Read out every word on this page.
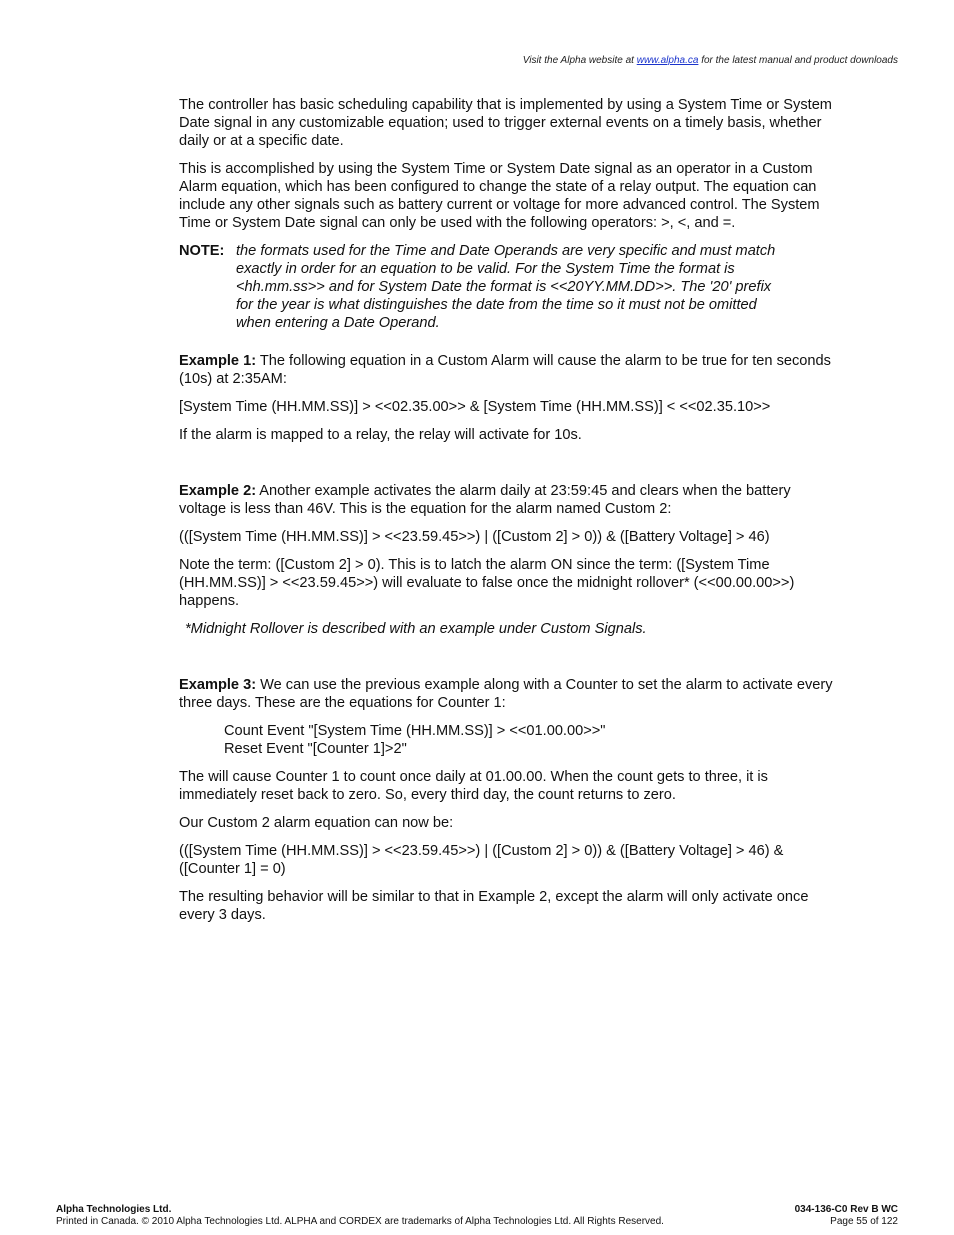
Visit the Alpha website at www.alpha.ca for the latest manual and product downloads

The controller has basic scheduling capability that is implemented by using a System Time or System Date signal in any customizable equation; used to trigger external events on a timely basis, whether daily or at a specific date.

This is accomplished by using the System Time or System Date signal as an operator in a Custom Alarm equation, which has been configured to change the state of a relay output. The equation can include any other signals such as battery current or voltage for more advanced control. The System Time or System Date signal can only be used with the following operators: >, <, and =.

NOTE: the formats used for the Time and Date Operands are very specific and must match exactly in order for an equation to be valid. For the System Time the format is <hh.mm.ss>> and for System Date the format is <<20YY.MM.DD>>. The '20' prefix for the year is what distinguishes the date from the time so it must not be omitted when entering a Date Operand.

Example 1: The following equation in a Custom Alarm will cause the alarm to be true for ten seconds (10s) at 2:35AM:

[System Time (HH.MM.SS)] > <<02.35.00>> & [System Time (HH.MM.SS)] < <<02.35.10>>

If the alarm is mapped to a relay, the relay will activate for 10s.

Example 2: Another example activates the alarm daily at 23:59:45 and clears when the battery voltage is less than 46V. This is the equation for the alarm named Custom 2:

(([System Time (HH.MM.SS)] > <<23.59.45>>) | ([Custom 2] > 0)) & ([Battery Voltage] > 46)

Note the term: ([Custom 2] > 0). This is to latch the alarm ON since the term: ([System Time (HH.MM.SS)] > <<23.59.45>>) will evaluate to false once the midnight rollover* (<<00.00.00>>) happens.

*Midnight Rollover is described with an example under Custom Signals.

Example 3: We can use the previous example along with a Counter to set the alarm to activate every three days. These are the equations for Counter 1:

Count Event "[System Time (HH.MM.SS)] > <<01.00.00>>"
Reset Event "[Counter 1]>2"

The will cause Counter 1 to count once daily at 01.00.00. When the count gets to three, it is immediately reset back to zero. So, every third day, the count returns to zero.

Our Custom 2 alarm equation can now be:

(([System Time (HH.MM.SS)] > <<23.59.45>>) | ([Custom 2] > 0)) & ([Battery Voltage] > 46) & ([Counter 1] = 0)

The resulting behavior will be similar to that in Example 2, except the alarm will only activate once every 3 days.

Alpha Technologies Ltd.	034-136-C0 Rev B WC
Printed in Canada. © 2010 Alpha Technologies Ltd. ALPHA and CORDEX are trademarks of Alpha Technologies Ltd. All Rights Reserved.	Page 55 of 122
